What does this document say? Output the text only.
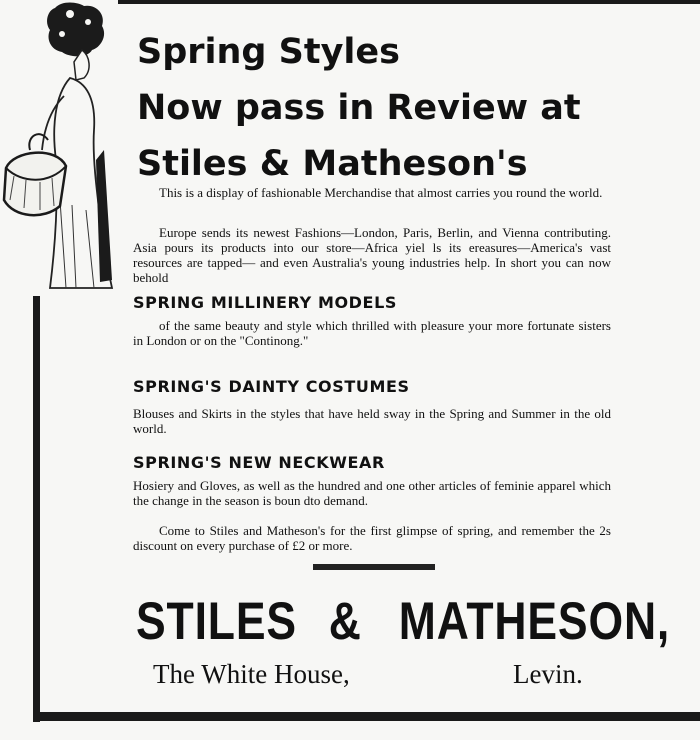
Spring Styles
Now pass in Review at
Stiles & Matheson's

This is a display of fashionable Merchandise that almost carries you round the world.

Europe sends its newest Fashions—London, Paris, Berlin, and Vienna contributing. Asia pours its products into our store—Africa yiel ls its ereasures—America's vast resources are tapped— and even Australia's young industries help. In short you can now behold

SPRING MILLINERY MODELS

of the same beauty and style which thrilled with pleasure your more fortunate sisters in London or on the "Continong."

SPRING'S DAINTY COSTUMES

Blouses and Skirts in the styles that have held sway in the Spring and Summer in the old world.

SPRING'S NEW NECKWEAR

Hosiery and Gloves, as well as the hundred and one other articles of feminie apparel which the change in the season is boun dto demand.

Come to Stiles and Matheson's for the first glimpse of spring, and remember the 2s discount on every purchase of £2 or more.

STILES & MATHESON,

The White House,	Levin.
